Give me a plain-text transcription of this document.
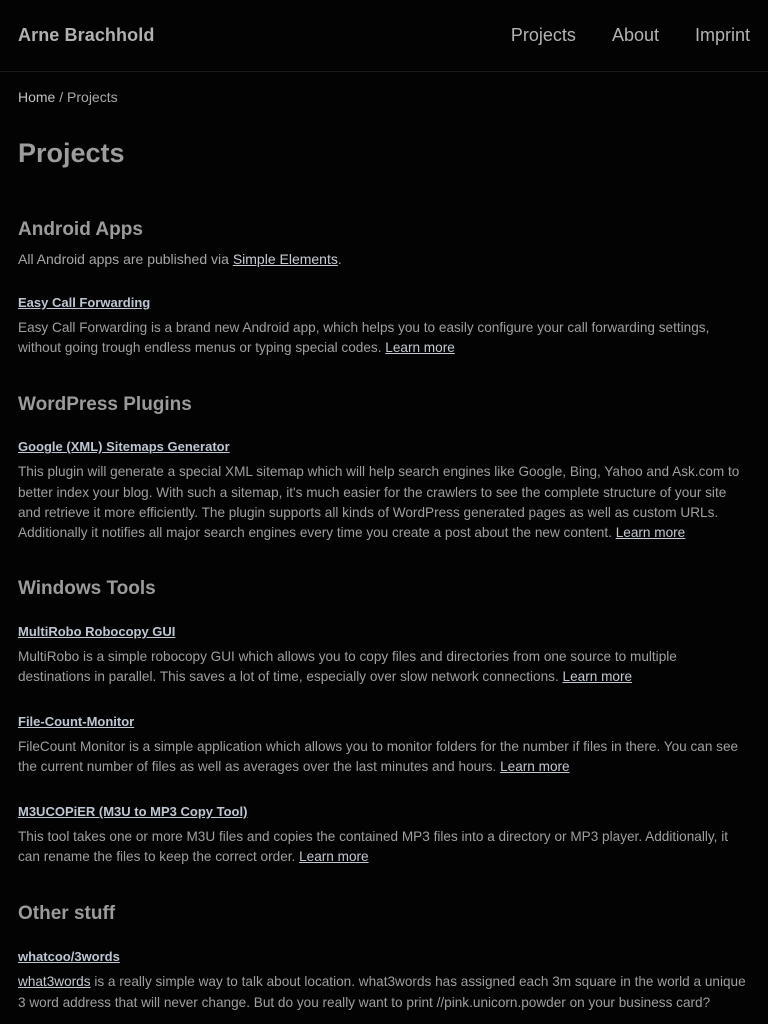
Arne Brachhold	Projects About Imprint
Home / Projects
Projects
Android Apps

All Android apps are published via Simple Elements.

Easy Call Forwarding

Easy Call Forwarding is a brand new Android app, which helps you to easily configure your call forwarding settings, without going trough endless menus or typing special codes. Learn more

WordPress Plugins
Google (XML) Sitemaps Generator

This plugin will generate a special XML sitemap which will help search engines like Google, Bing, Yahoo and Ask.com to better index your blog. With such a sitemap, it's much easier for the crawlers to see the complete structure of your site and retrieve it more efficiently. The plugin supports all kinds of WordPress generated pages as well as custom URLs. Additionally it notifies all major search engines every time you create a post about the new content. Learn more

Windows Tools
MultiRobo Robocopy GUI

MultiRobo is a simple robocopy GUI which allows you to copy files and directories from one source to multiple destinations in parallel. This saves a lot of time, especially over slow network connections. Learn more

File-Count-Monitor

FileCount Monitor is a simple application which allows you to monitor folders for the number if files in there. You can see the current number of files as well as averages over the last minutes and hours. Learn more

M3UCOPiER (M3U to MP3 Copy Tool)

This tool takes one or more M3U files and copies the contained MP3 files into a directory or MP3 player. Additionally, it can rename the files to keep the correct order. Learn more

Other stuff
whatcoo/3words

what3words is a really simple way to talk about location. what3words has assigned each 3m square in the world a unique 3 word address that will never change. But do you really want to print //pink.unicorn.powder on your business card?
